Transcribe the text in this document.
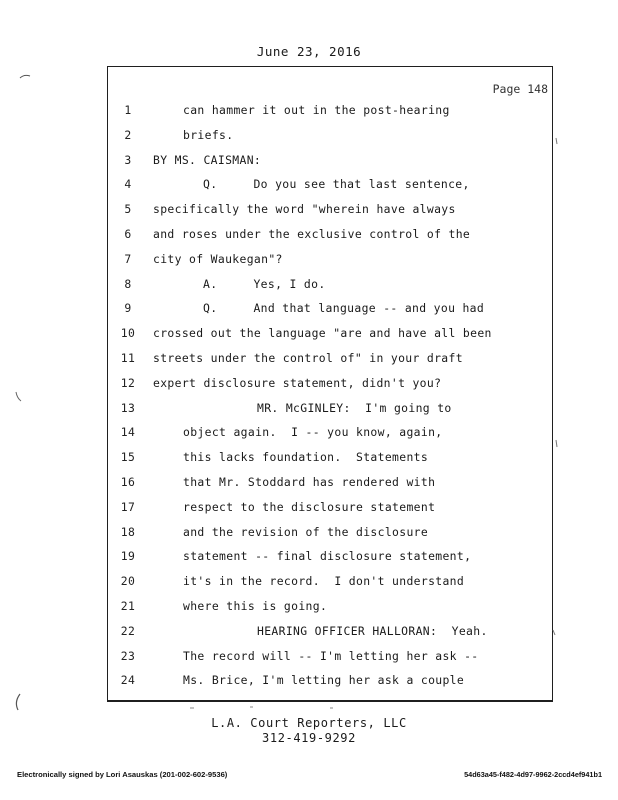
June 23, 2016
Page 148
1	can hammer it out in the post-hearing
2	briefs.
3	BY MS. CAISMAN:
4	Q.     Do you see that last sentence,
5	specifically the word "wherein have always
6	and roses under the exclusive control of the
7	city of Waukegan"?
8	A.     Yes, I do.
9	Q.     And that language -- and you had
10	crossed out the language "are and have all been
11	streets under the control of" in your draft
12	expert disclosure statement, didn't you?
13	MR. McGINLEY:  I'm going to
14	object again.  I -- you know, again,
15	this lacks foundation.  Statements
16	that Mr. Stoddard has rendered with
17	respect to the disclosure statement
18	and the revision of the disclosure
19	statement -- final disclosure statement,
20	it's in the record.  I don't understand
21	where this is going.
22	HEARING OFFICER HALLORAN:  Yeah.
23	The record will -- I'm letting her ask --
24	Ms. Brice, I'm letting her ask a couple
L.A. Court Reporters, LLC
312-419-9292
Electronically signed by Lori Asauskas (201-002-602-9536)	54d63a45-f482-4d97-9962-2ccd4ef941b1
